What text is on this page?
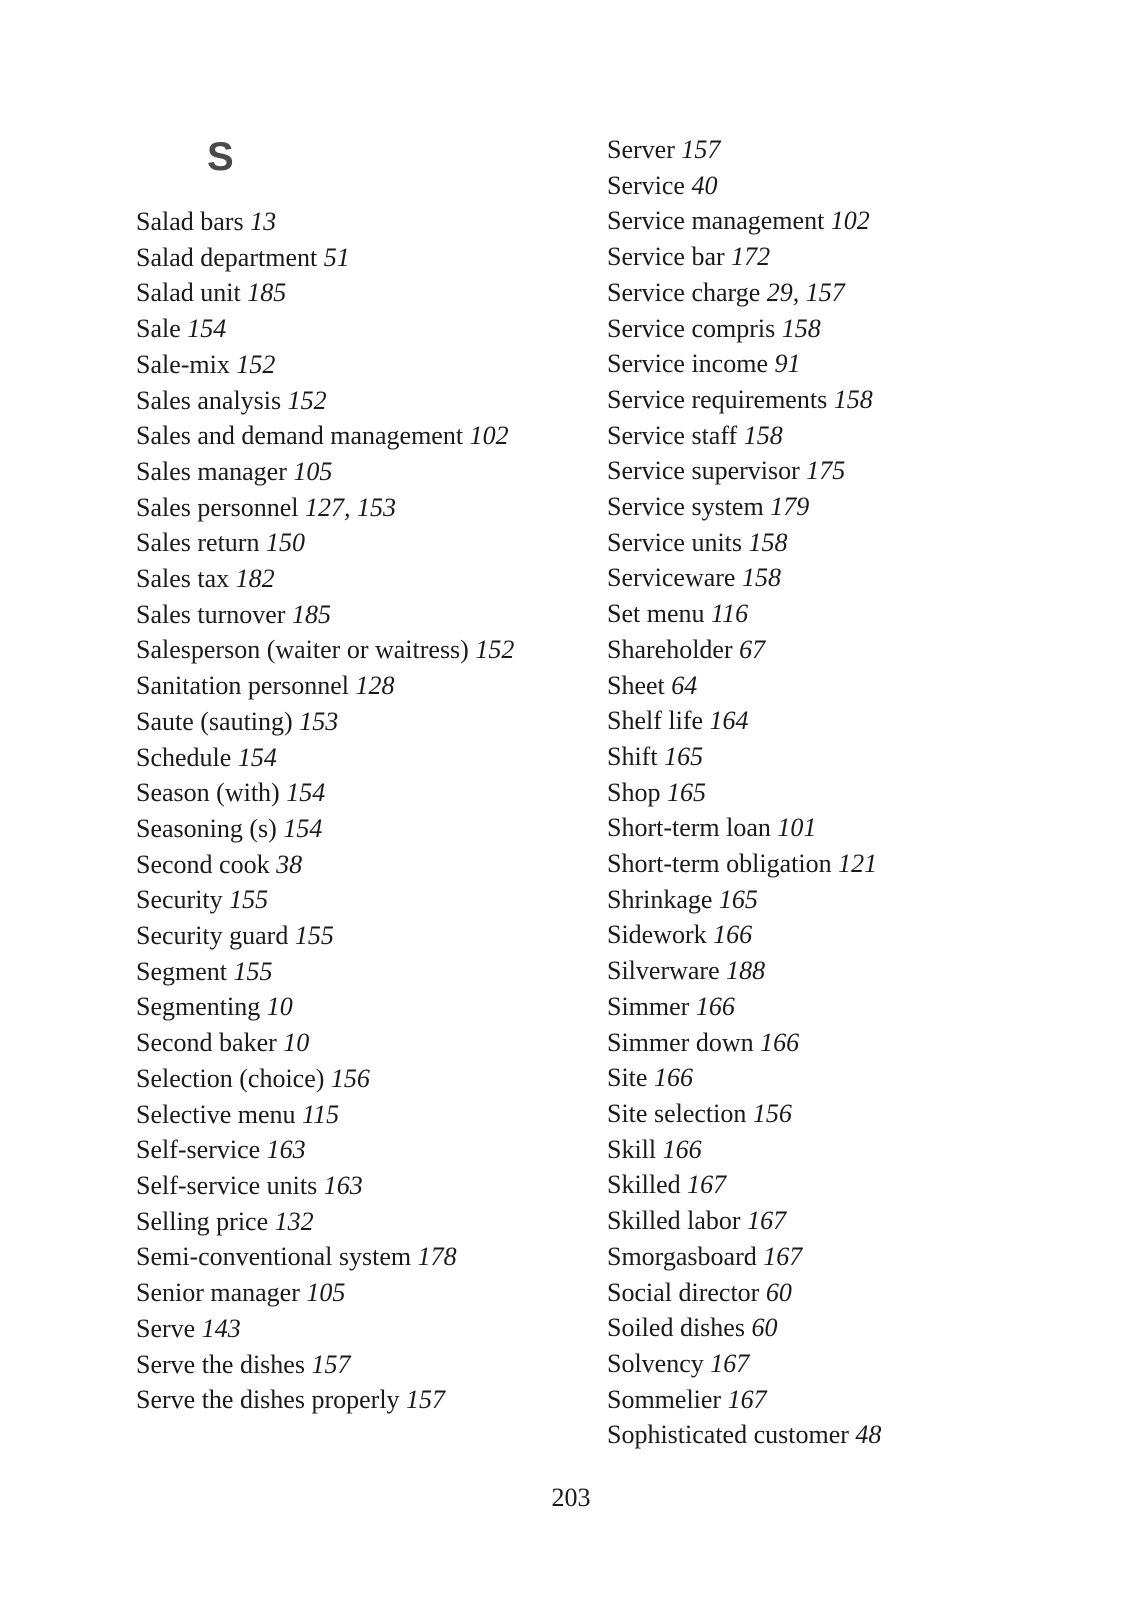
S
Salad bars 13
Salad department 51
Salad unit 185
Sale 154
Sale-mix 152
Sales analysis 152
Sales and demand management 102
Sales manager 105
Sales personnel 127, 153
Sales return 150
Sales tax 182
Sales turnover 185
Salesperson (waiter or waitress) 152
Sanitation personnel 128
Saute (sauting) 153
Schedule 154
Season (with) 154
Seasoning (s) 154
Second cook 38
Security 155
Security guard 155
Segment 155
Segmenting 10
Second baker 10
Selection (choice) 156
Selective menu 115
Self-service 163
Self-service units 163
Selling price 132
Semi-conventional system 178
Senior manager 105
Serve 143
Serve the dishes 157
Serve the dishes properly 157
Server 157
Service 40
Service management 102
Service bar 172
Service charge 29, 157
Service compris 158
Service income 91
Service requirements 158
Service staff 158
Service supervisor 175
Service system 179
Service units 158
Serviceware 158
Set menu 116
Shareholder 67
Sheet 64
Shelf life 164
Shift 165
Shop 165
Short-term loan 101
Short-term obligation 121
Shrinkage 165
Sidework 166
Silverware 188
Simmer 166
Simmer down 166
Site 166
Site selection 156
Skill 166
Skilled 167
Skilled labor 167
Smorgasboard 167
Social director 60
Soiled dishes 60
Solvency 167
Sommelier 167
Sophisticated customer 48
203
